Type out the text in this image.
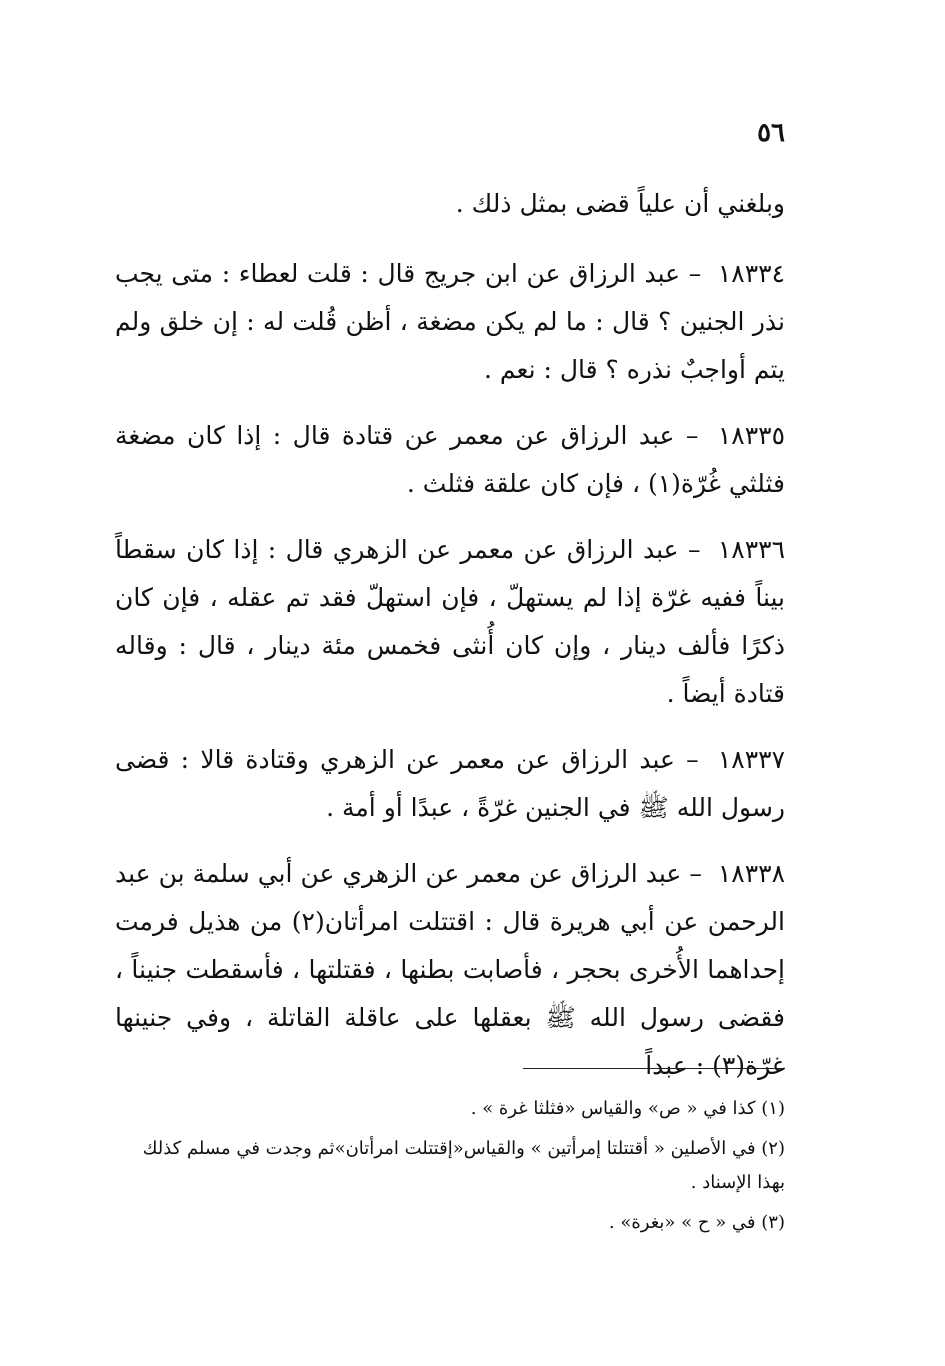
٥٦

وبلغني أن علياً قضى بمثل ذلك .

١٨٣٣٤ – عبد الرزاق عن ابن جريج قال : قلت لعطاء : متى يجب نذر الجنين ؟ قال : ما لم يكن مضغة ، أظن قُلت له : إن خلق ولم يتم أواجبٌ نذره ؟ قال : نعم .

١٨٣٣٥ – عبد الرزاق عن معمر عن قتادة قال : إذا كان مضغة فثلثي غُرّة(١) ، فإن كان علقة فثلث .

١٨٣٣٦ – عبد الرزاق عن معمر عن الزهري قال : إذا كان سقطاً بيناً ففيه غرّة إذا لم يستهلّ ، فإن استهلّ فقد تم عقله ، فإن كان ذكرًا فألف دينار ، وإن كان أُنثى فخمس مئة دينار ، قال : وقاله قتادة أيضاً .

١٨٣٣٧ – عبد الرزاق عن معمر عن الزهري وقتادة قالا : قضى رسول الله ﷺ في الجنين غرّةً ، عبدًا أو أمة .

١٨٣٣٨ – عبد الرزاق عن معمر عن الزهري عن أبي سلمة بن عبد الرحمن عن أبي هريرة قال : اقتتلت امرأتان(٢) من هذيل فرمت إحداهما الأُخرى بحجر ، فأصابت بطنها ، فقتلتها ، فأسقطت جنيناً ، فقضى رسول الله ﷺ بعقلها على عاقلة القاتلة ، وفي جنينها غرّة(٣) : عبداً

(١) كذا في « ص» والقياس «فثلثا غرة » .

(٢) في الأصلين « أقتتلتا إمرأتين » والقياس«إقتتلت امرأتان»ثم وجدت في مسلم كذلك بهذا الإسناد .

(٣) في « ح » «بغرة» .
